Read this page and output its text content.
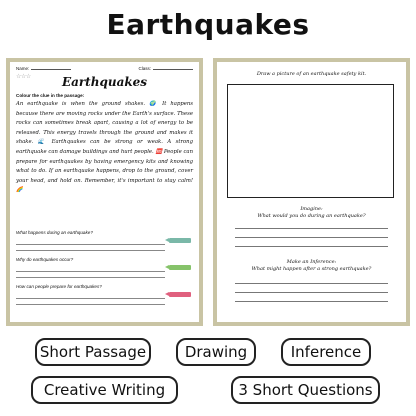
Earthquakes
Name:	Class:
☆☆☆	Earthquakes
Colour the clue in the passage:
An earthquake is when the ground shakes. 🌍 It happens because there are moving rocks under the Earth's surface. These rocks can sometimes break apart, causing a lot of energy to be released. This energy travels through the ground and makes it shake. 🌊 Earthquakes can be strong or weak. A strong earthquake can damage buildings and hurt people. 🆘 People can prepare for earthquakes by having emergency kits and knowing what to do. If an earthquake happens, drop to the ground, cover your head, and hold on. Remember, it's important to stay calm! 🌈
What happens during an earthquake?
Why do earthquakes occur?
How can people prepare for earthquakes?
Draw a picture of an earthquake safety kit.
Imagine:
What would you do during an earthquake?
Make an Inference:
What might happen after a strong earthquake?
Short Passage	Drawing	Inference
Creative Writing	3 Short Questions
